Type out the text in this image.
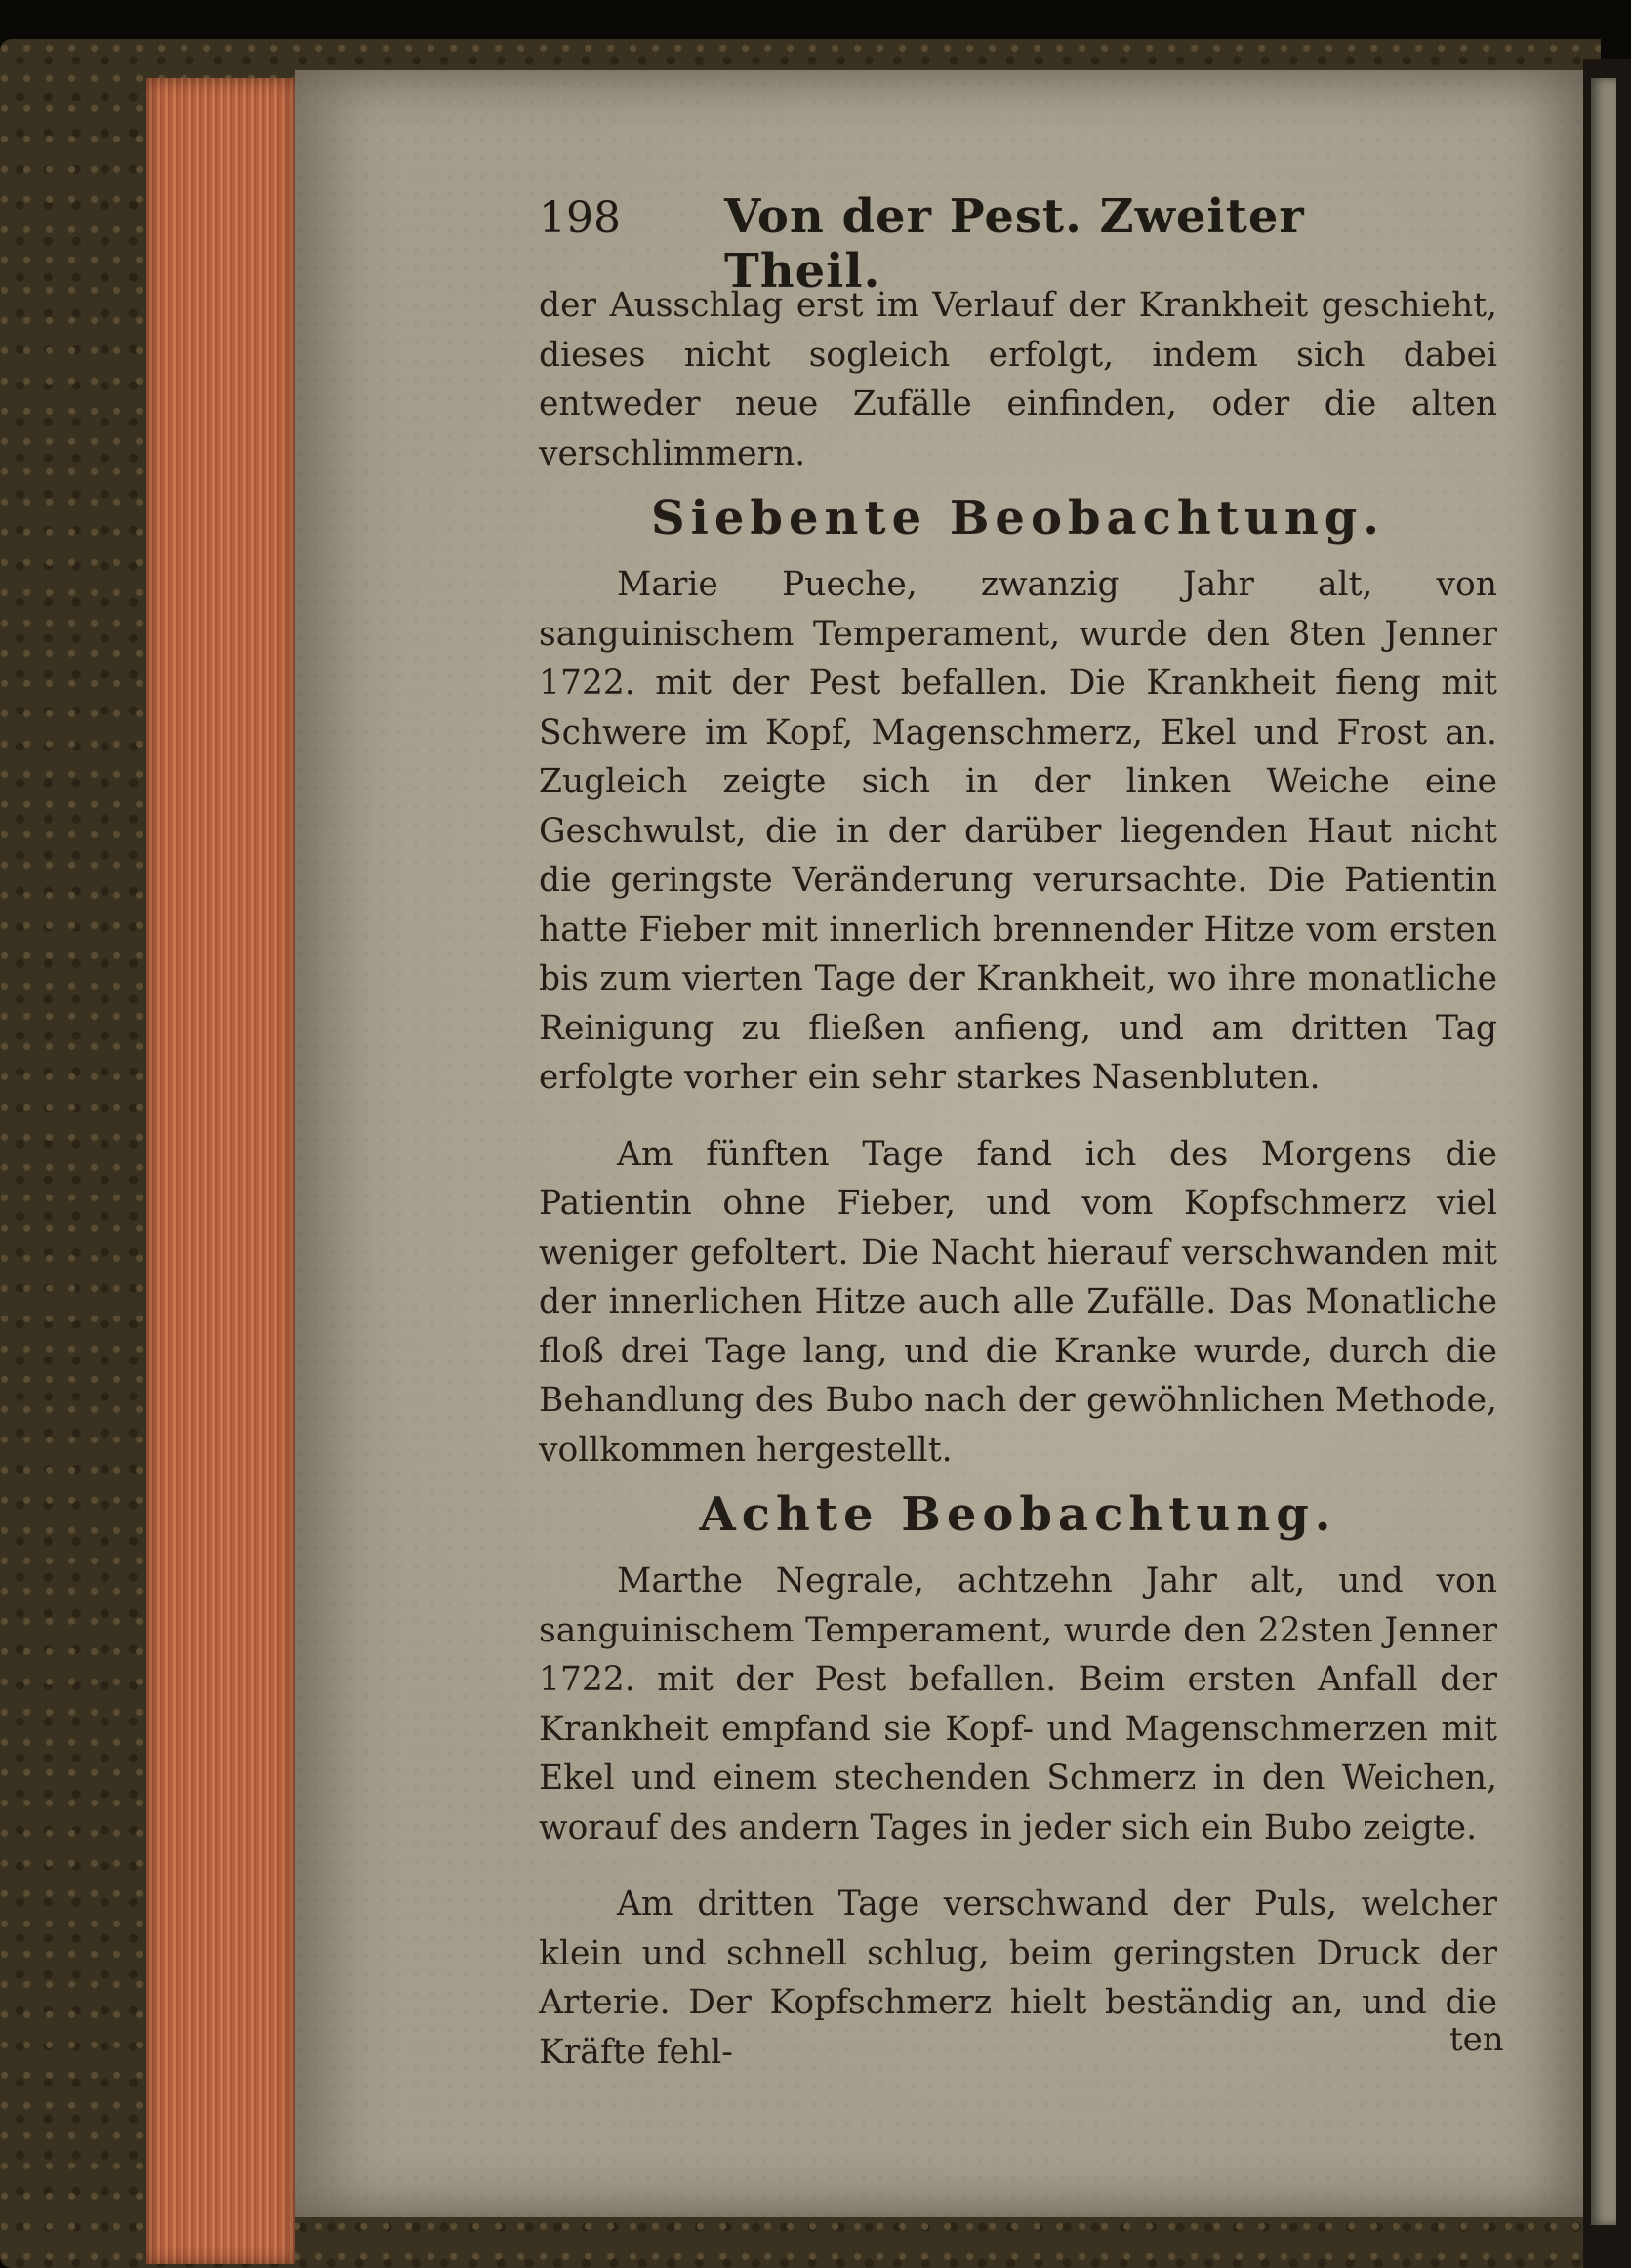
198 Von der Pest. Zweiter Theil.

der Ausschlag erst im Verlauf der Krankheit geschieht, dieses nicht sogleich erfolgt, indem sich dabei entweder neue Zufälle einfinden, oder die alten verschlimmern.

Siebente Beobachtung.

Marie Pueche, zwanzig Jahr alt, von sanguinischem Temperament, wurde den 8ten Jenner 1722. mit der Pest befallen. Die Krankheit fieng mit Schwere im Kopf, Magenschmerz, Ekel und Frost an. Zugleich zeigte sich in der linken Weiche eine Geschwulst, die in der darüber liegenden Haut nicht die geringste Veränderung verursachte. Die Patientin hatte Fieber mit innerlich brennender Hitze vom ersten bis zum vierten Tage der Krankheit, wo ihre monatliche Reinigung zu fließen anfieng, und am dritten Tag erfolgte vorher ein sehr starkes Nasenbluten.

Am fünften Tage fand ich des Morgens die Patientin ohne Fieber, und vom Kopfschmerz viel weniger gefoltert. Die Nacht hierauf verschwanden mit der innerlichen Hitze auch alle Zufälle. Das Monatliche floß drei Tage lang, und die Kranke wurde, durch die Behandlung des Bubo nach der gewöhnlichen Methode, vollkommen hergestellt.

Achte Beobachtung.

Marthe Negrale, achtzehn Jahr alt, und von sanguinischem Temperament, wurde den 22sten Jenner 1722. mit der Pest befallen. Beim ersten Anfall der Krankheit empfand sie Kopf- und Magenschmerzen mit Ekel und einem stechenden Schmerz in den Weichen, worauf des andern Tages in jeder sich ein Bubo zeigte.

Am dritten Tage verschwand der Puls, welcher klein und schnell schlug, beim geringsten Druck der Arterie. Der Kopfschmerz hielt beständig an, und die Kräfte fehl-	ten
